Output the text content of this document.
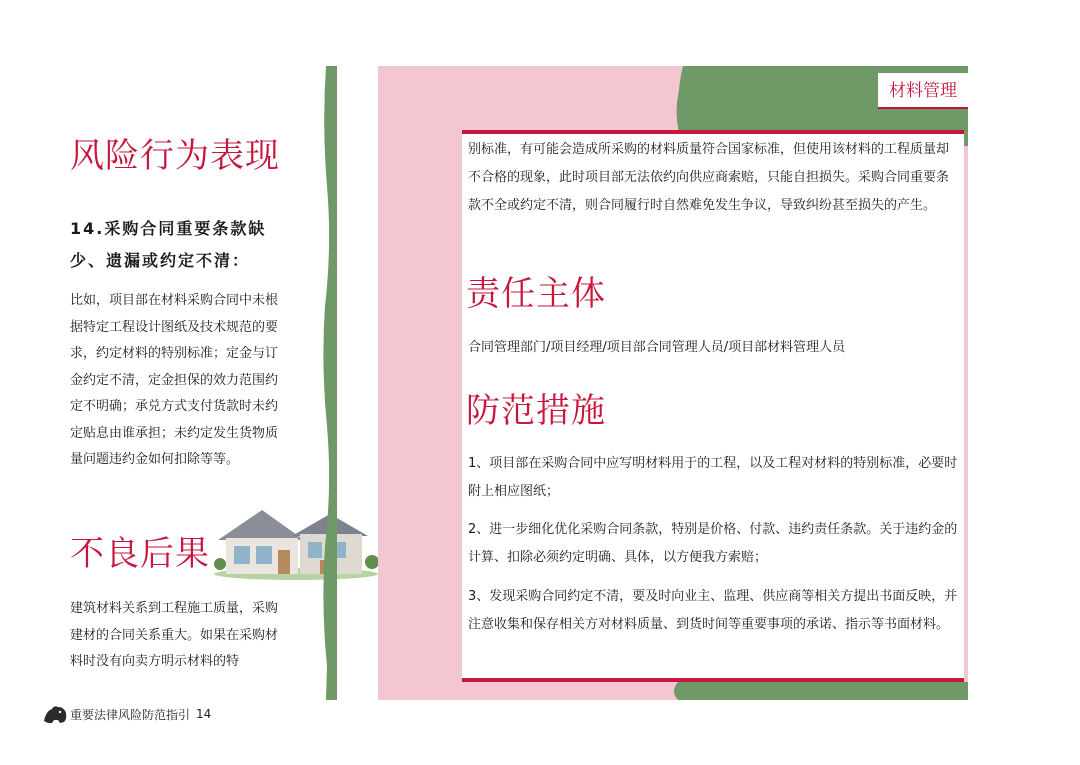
风险行为表现
14.采购合同重要条款缺少、遗漏或约定不清：
比如，项目部在材料采购合同中未根据特定工程设计图纸及技术规范的要求，约定材料的特别标准；定金与订金约定不清，定金担保的效力范围约定不明确；承兑方式支付货款时未约定贴息由谁承担；未约定发生货物质量问题违约金如何扣除等等。
不良后果
建筑材料关系到工程施工质量，采购建材的合同关系重大。如果在采购材料时没有向卖方明示材料的特
材料管理
别标准，有可能会造成所采购的材料质量符合国家标准，但使用该材料的工程质量却不合格的现象，此时项目部无法依约向供应商索赔，只能自担损失。采购合同重要条款不全或约定不清，则合同履行时自然难免发生争议，导致纠纷甚至损失的产生。
责任主体
合同管理部门/项目经理/项目部合同管理人员/项目部材料管理人员
防范措施
1、项目部在采购合同中应写明材料用于的工程，以及工程对材料的特别标准，必要时附上相应图纸；
2、进一步细化优化采购合同条款，特别是价格、付款、违约责任条款。关于违约金的计算、扣除必须约定明确、具体，以方便我方索赔；
3、发现采购合同约定不清，要及时向业主、监理、供应商等相关方提出书面反映，并注意收集和保存相关方对材料质量、到货时间等重要事项的承诺、指示等书面材料。
重要法律风险防范指引 14
